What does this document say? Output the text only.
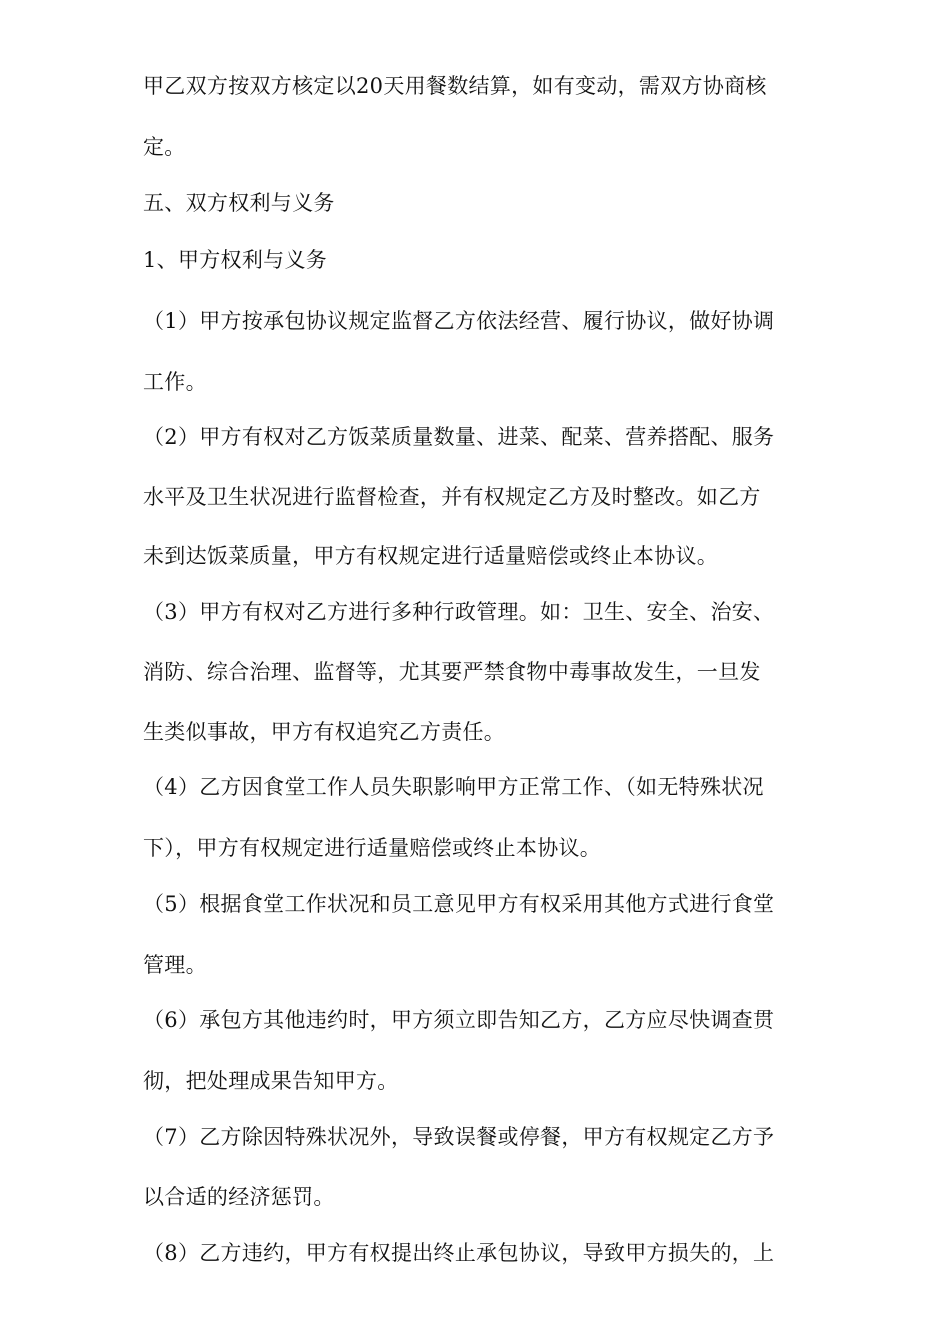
甲乙双方按双方核定以20天用餐数结算，如有变动，需双方协商核
定。
五、双方权利与义务
1、甲方权利与义务
（1）甲方按承包协议规定监督乙方依法经营、履行协议，做好协调
工作。
（2）甲方有权对乙方饭菜质量数量、进菜、配菜、营养搭配、服务
水平及卫生状况进行监督检查，并有权规定乙方及时整改。如乙方
未到达饭菜质量，甲方有权规定进行适量赔偿或终止本协议。
（3）甲方有权对乙方进行多种行政管理。如：卫生、安全、治安、
消防、综合治理、监督等，尤其要严禁食物中毒事故发生，一旦发
生类似事故，甲方有权追究乙方责任。
（4）乙方因食堂工作人员失职影响甲方正常工作、（如无特殊状况
下），甲方有权规定进行适量赔偿或终止本协议。
（5）根据食堂工作状况和员工意见甲方有权采用其他方式进行食堂
管理。
（6）承包方其他违约时，甲方须立即告知乙方，乙方应尽快调查贯
彻，把处理成果告知甲方。
（7）乙方除因特殊状况外，导致误餐或停餐，甲方有权规定乙方予
以合适的经济惩罚。
（8）乙方违约，甲方有权提出终止承包协议，导致甲方损失的，上
